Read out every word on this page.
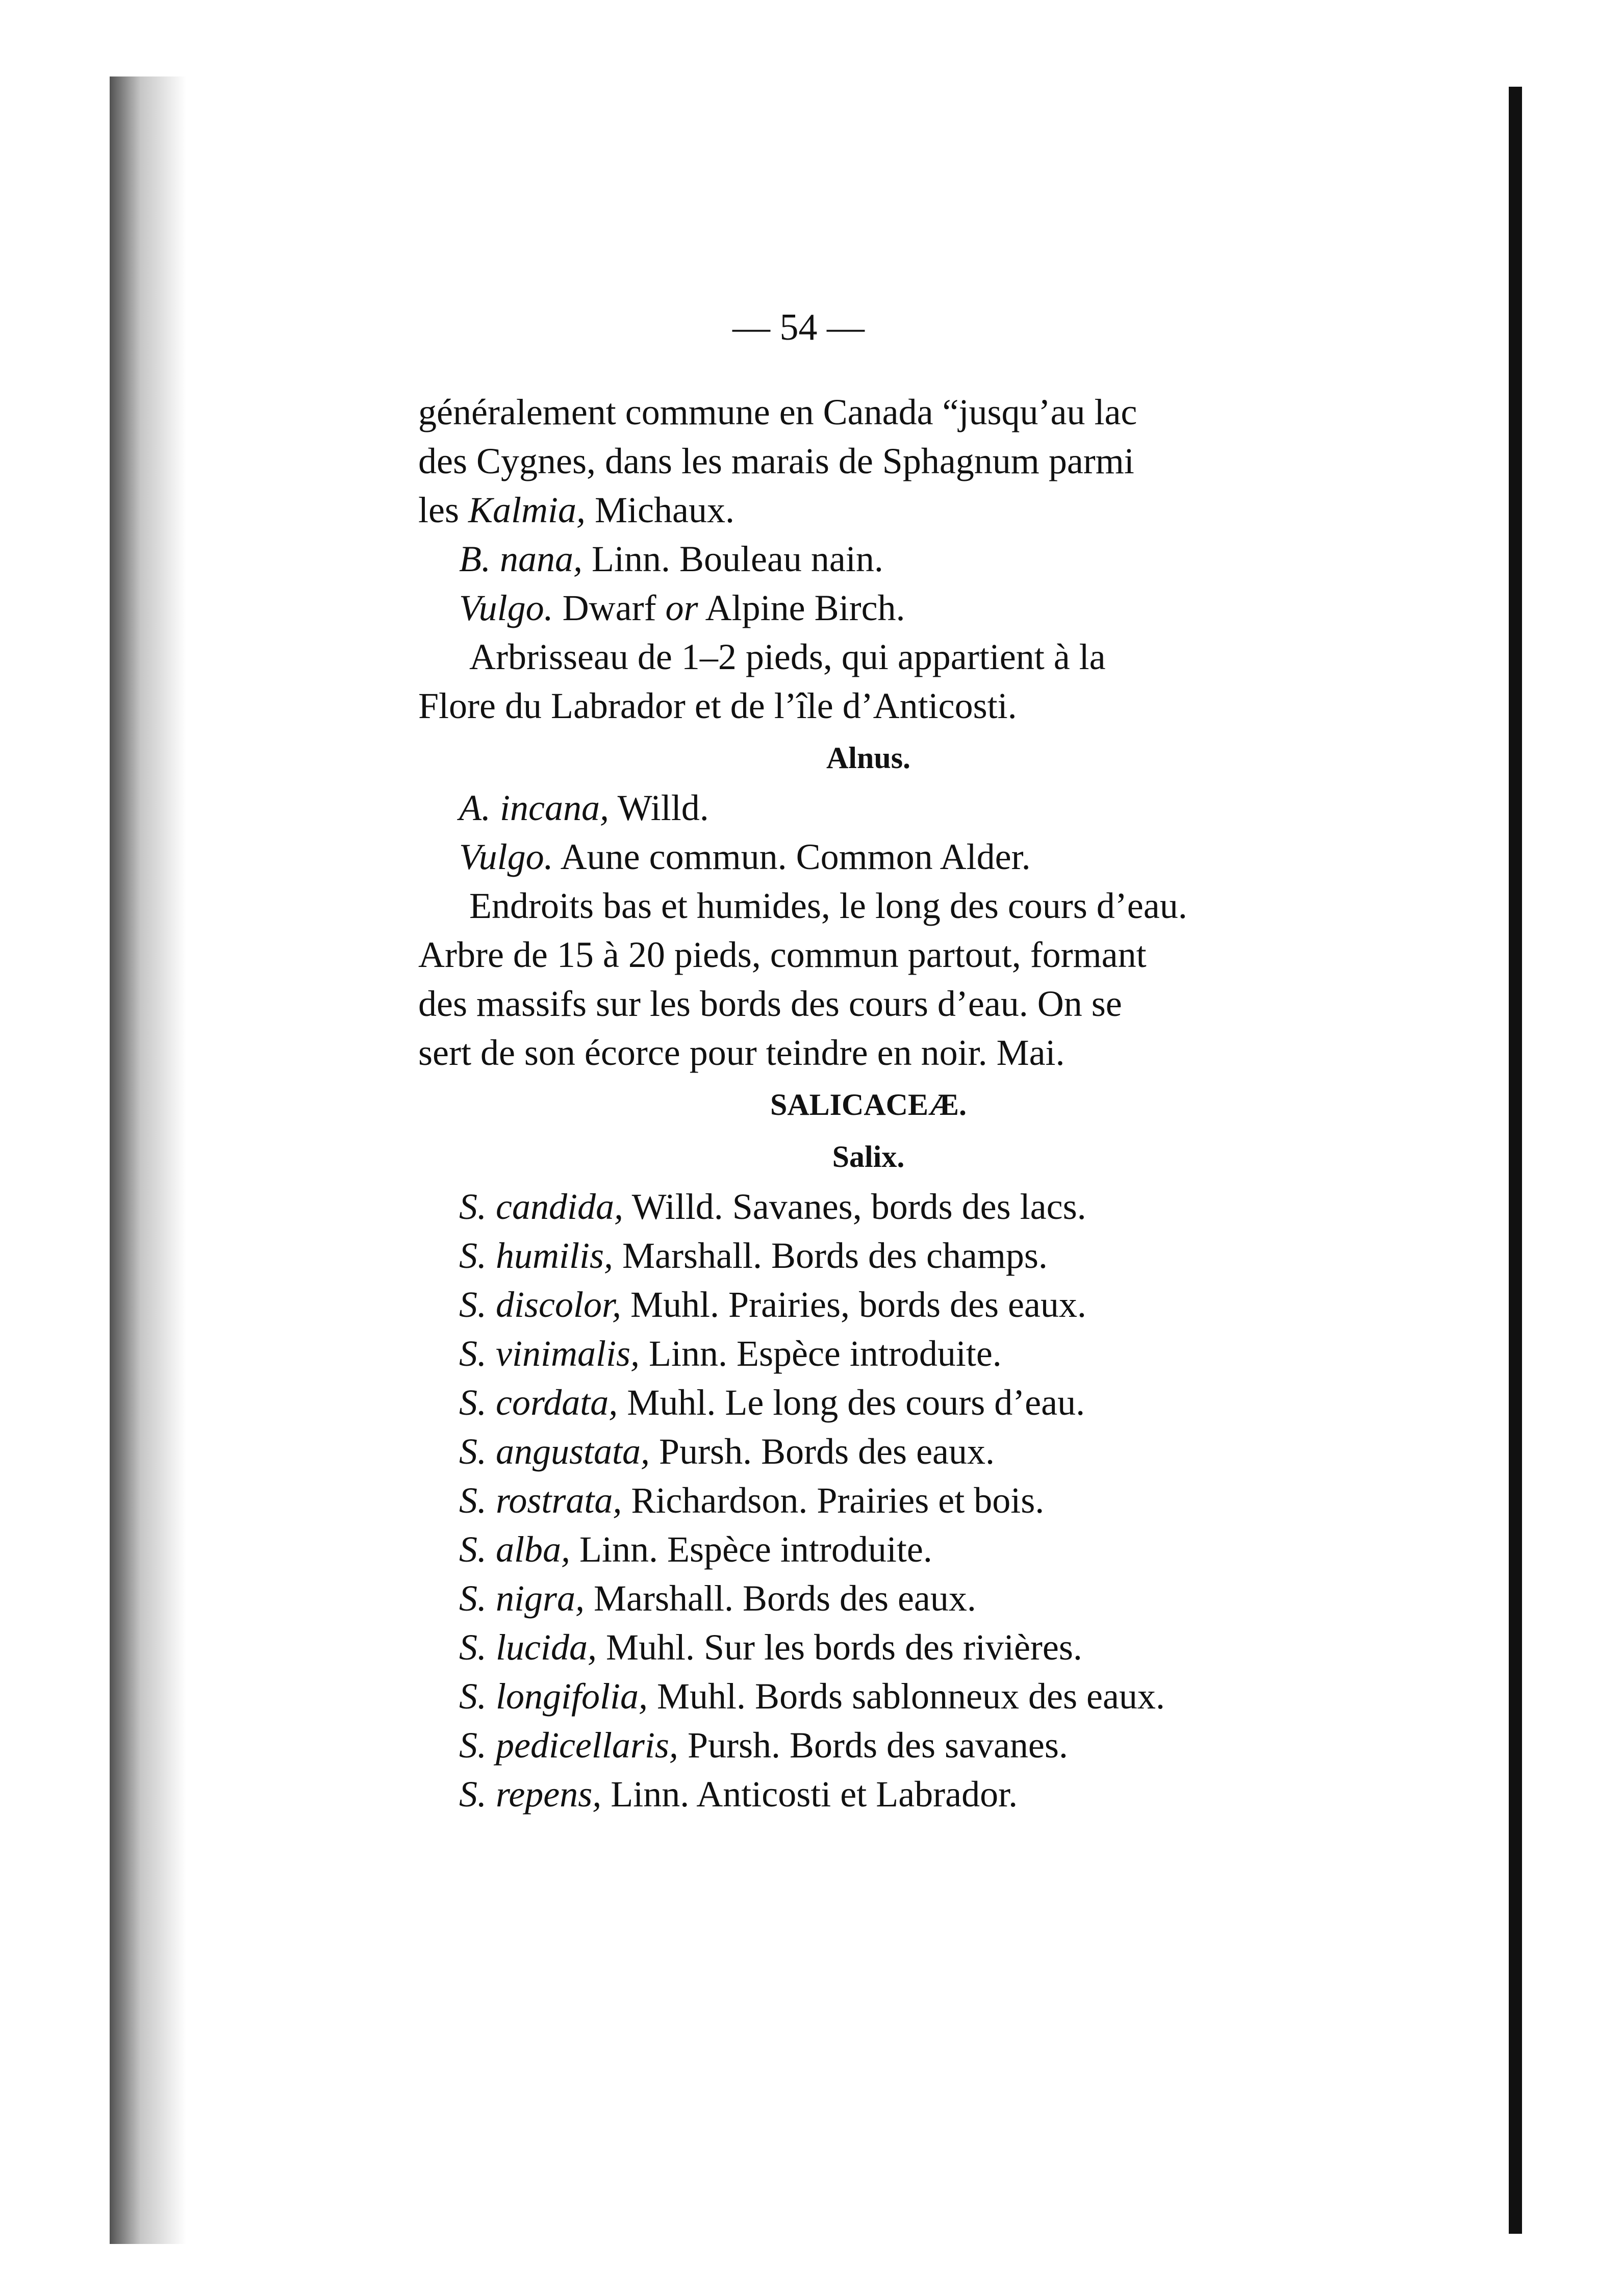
— 54 —

généralement commune en Canada “jusqu’au lac
des Cygnes, dans les marais de Sphagnum parmi
les Kalmia, Michaux.

B. nana, Linn. Bouleau nain.

Vulgo. Dwarf or Alpine Birch.

Arbrisseau de 1–2 pieds, qui appartient à la
Flore du Labrador et de l’île d’Anticosti.

Alnus.

A. incana, Willd.

Vulgo. Aune commun. Common Alder.

Endroits bas et humides, le long des cours d’eau.
Arbre de 15 à 20 pieds, commun partout, formant
des massifs sur les bords des cours d’eau. On se
sert de son écorce pour teindre en noir. Mai.

SALICACEÆ.
Salix.

S. candida, Willd. Savanes, bords des lacs.

S. humilis, Marshall. Bords des champs.

S. discolor, Muhl. Prairies, bords des eaux.

S. vinimalis, Linn. Espèce introduite.

S. cordata, Muhl. Le long des cours d’eau.

S. angustata, Pursh. Bords des eaux.

S. rostrata, Richardson. Prairies et bois.

S. alba, Linn. Espèce introduite.

S. nigra, Marshall. Bords des eaux.

S. lucida, Muhl. Sur les bords des rivières.

S. longifolia, Muhl. Bords sablonneux des eaux.

S. pedicellaris, Pursh. Bords des savanes.

S. repens, Linn. Anticosti et Labrador.
